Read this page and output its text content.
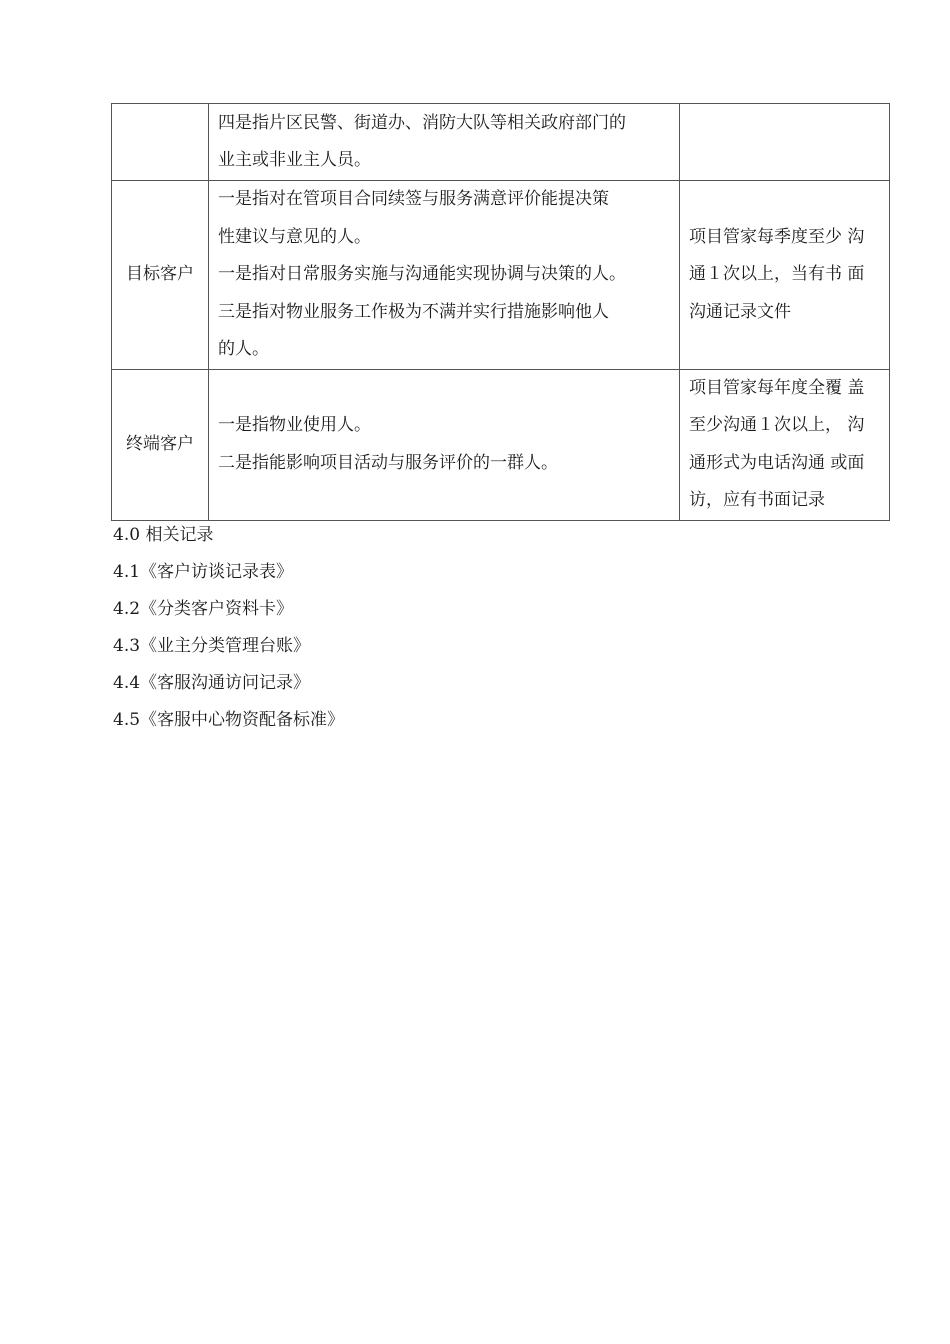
	四是指片区民警、街道办、消防大队等相关政府部门的
业主或非业主人员。	

目标客户	一是指对在管项目合同续签与服务满意评价能提决策
性建议与意见的人。
一是指对日常服务实施与沟通能实现协调与决策的人。
三是指对物业服务工作极为不满并实行措施影响他人
的人。	项目管家每季度至少 沟
通１次以上，当有书 面
沟通记录文件

终端客户	一是指物业使用人。
二是指能影响项目活动与服务评价的一群人。	项目管家每年度全覆 盖
至少沟通１次以上， 沟
通形式为电话沟通 或面
访，应有书面记录
4.0 相关记录
4.1《客户访谈记录表》
4.2《分类客户资料卡》
4.3《业主分类管理台账》
4.4《客服沟通访问记录》
4.5《客服中心物资配备标准》
